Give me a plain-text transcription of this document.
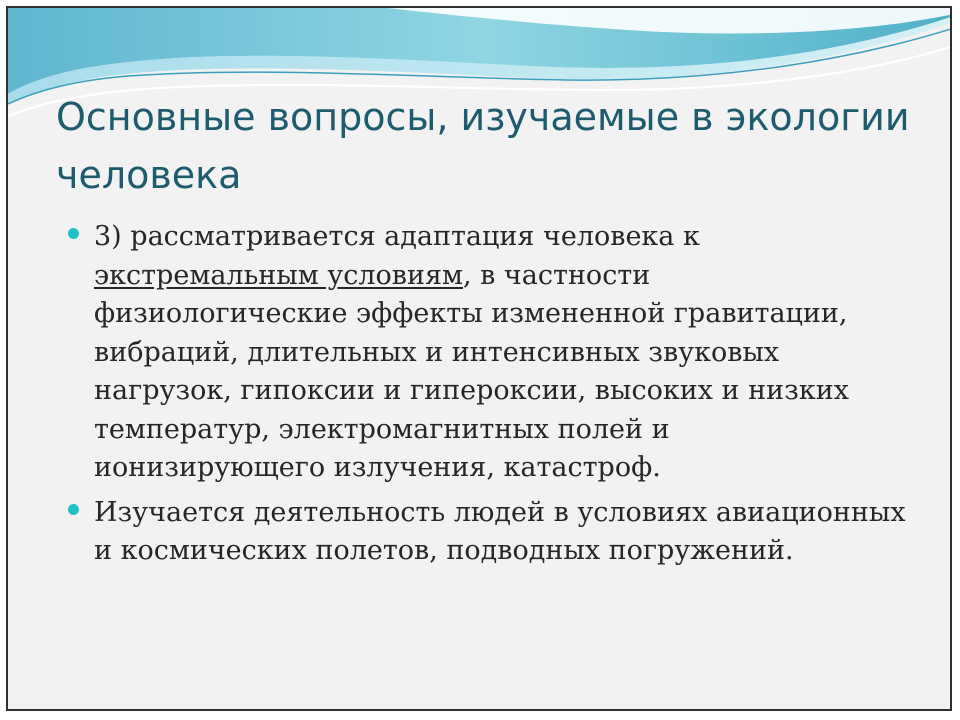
Основные вопросы, изучаемые в экологии человека
3) рассматривается адаптация человека к экстремальным условиям, в частности физиологические эффекты измененной гравитации, вибраций, длительных и интенсивных звуковых нагрузок, гипоксии и гипероксии, высоких и низких температур, электромагнитных полей и ионизирующего излучения, катастроф.
Изучается деятельность людей в условиях авиационных и космических полетов, подводных погружений.
